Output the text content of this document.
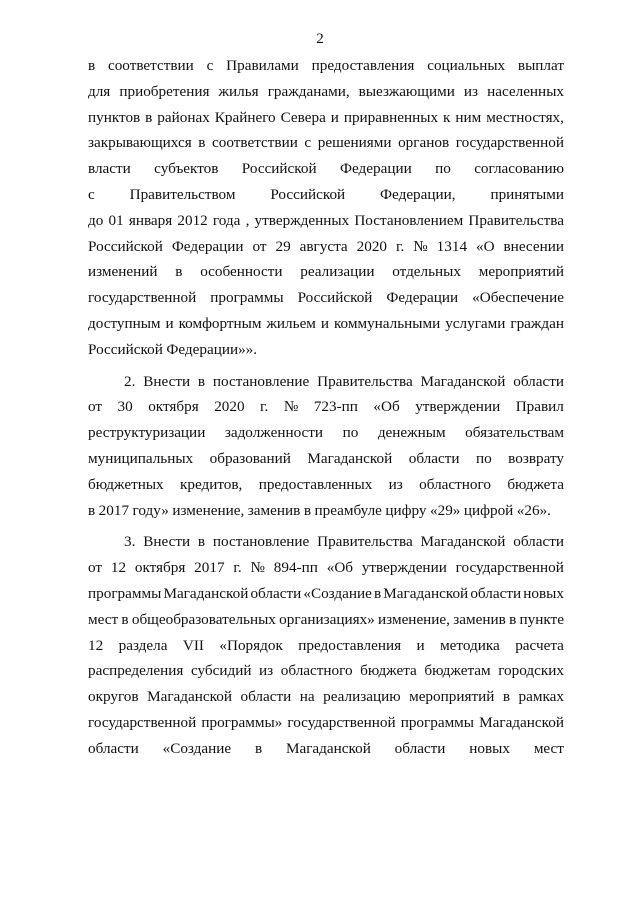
2
в соответствии с Правилами предоставления социальных выплат
для приобретения жилья гражданами, выезжающими из населенных
пунктов в районах Крайнего Севера и приравненных к ним местностях,
закрывающихся в соответствии с решениями органов государственной
власти субъектов Российской Федерации по согласованию
с Правительством Российской Федерации, принятыми
до 01 января 2012 года , утвержденных Постановлением Правительства
Российской Федерации от 29 августа 2020 г. № 1314 «О внесении
изменений в особенности реализации отдельных мероприятий
государственной программы Российской Федерации «Обеспечение
доступным и комфортным жильем и коммунальными услугами граждан
Российской Федерации»».
2. Внести в постановление Правительства Магаданской области
от 30 октября 2020 г. № 723-пп «Об утверждении Правил
реструктуризации задолженности по денежным обязательствам
муниципальных образований Магаданской области по возврату
бюджетных кредитов, предоставленных из областного бюджета
в 2017 году» изменение, заменив в преамбуле цифру «29» цифрой «26».
3. Внести в постановление Правительства Магаданской области
от 12 октября 2017 г. № 894-пп «Об утверждении государственной
программы Магаданской области «Создание в Магаданской области новых
мест в общеобразовательных организациях» изменение, заменив в пункте
12 раздела VII «Порядок предоставления и методика расчета
распределения субсидий из областного бюджета бюджетам городских
округов Магаданской области на реализацию мероприятий в рамках
государственной программы» государственной программы Магаданской
области «Создание в Магаданской области новых мест
